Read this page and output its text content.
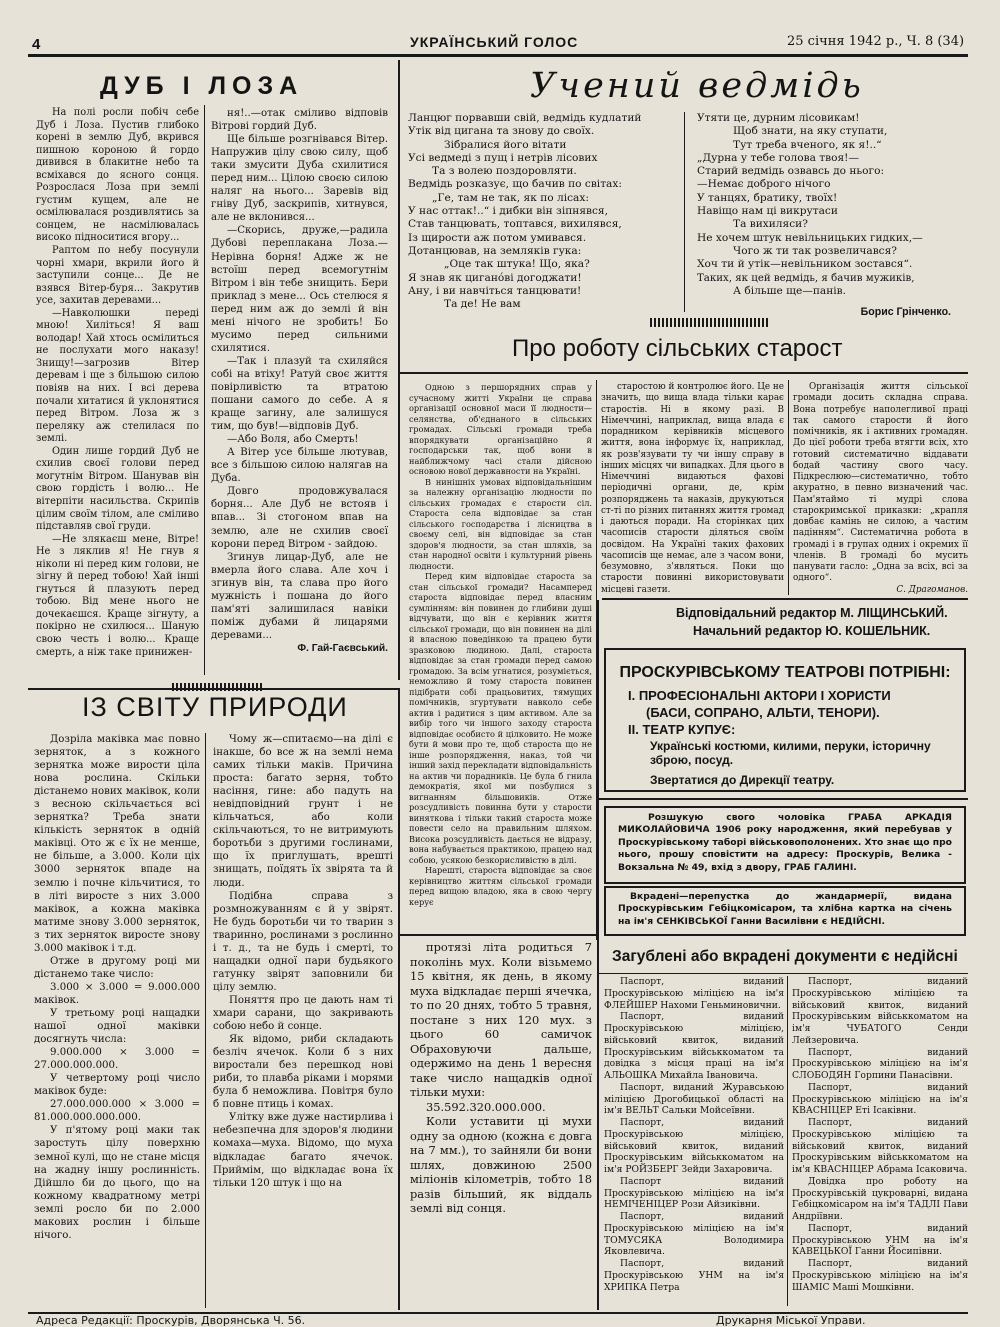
4	УКРАЇНСЬКИЙ ГОЛОС	25 січня 1942 р., Ч. 8 (34)
ДУБ І ЛОЗА

На полі росли побіч себе Дуб і Лоза. Пустив глибоко корені в землю Дуб, вкрився пишною короною й гордо дивився в блакитне небо та всміхався до ясного сонця. Розрослася Лоза при землі густим кущем, але не осмілювалася роздивлятись за сонцем, не насмілювалась високо підноситися вгору...

Раптом по небу посунули чорні хмари, вкрили його й заступили сонце... Де не взявся Вітер-буря... Закрутив усе, захитав деревами...

—Навколюшки переді мною! Хиліться! Я ваш володар! Хай хтось осмілиться не послухати мого наказу! Знищу!—загрозив Вітер деревам і ще з більшою силою повіяв на них. І всі дерева почали хитатися й уклонятися перед Вітром. Лоза ж з переляку аж стелилася по землі.

Один лише гордий Дуб не схилив своєї голови перед могутнім Вітром. Шанував він свою гордість і волю... Не вітерпіти насильства. Скрипів цілим своїм тілом, але сміливо підставляв свої груди.

—Не злякаєш мене, Вітре! Не з ляклив я! Не гнув я ніколи ні перед ким голови, не зігну й перед тобою! Хай інші гнуться й плазують перед тобою. Від мене нього не дочекаєшся. Краще зігнуту, а покірно не схилюся... Шаную свою честь і волю... Краще смерть, а ніж таке принижен-

ня!..—отак сміливо відповів Вітрові гордий Дуб.

Ще більше розгнівався Вітер. Напружив цілу свою силу, щоб таки змусити Дуба схилитися перед ним... Цілою своєю силою наляг на нього... Заревів від гніву Дуб, заскрипів, хитнувся, але не вклонився...

—Скорись, друже,—радила Дубові переплакана Лоза.—Нерівна борня! Адже ж не встоїш перед всемогутнім Вітром і він тебе знищить. Бери приклад з мене... Ось стелюся я перед ним аж до землі й він мені нічого не зробить! Бо мусимо перед сильними схилятися.

—Так і плазуй та схиляйся собі на втіху! Ратуй своє життя повірливістю та втратою пошани самого до себе. А я краще загину, але залишуся тим, що був!—відповів Дуб.

—Або Воля, або Смерть!

А Вітер усе більше лютував, все з більшою силою налягав на Дуба.

Довго продовжувалася борня... Але Дуб не встояв і впав... Зі стогоном впав на землю, але не схилив своєї корони перед Вітром - зайдою.

Згинув лицар-Дуб, але не вмерла його слава. Але хоч і згинув він, та слава про його мужність і пошана до його пам'яті залишилася навіки поміж дубами й лицарями деревами...

Ф. Гай-Гаєвський.
Учений ведмідь
Ланцюг порвавши свій, ведмідь кудлатий
Утік від цигана та знову до своїх.
Зібралися його вітати
Усі ведмеді з пущ і нетрів лісових
Та з волею поздоровляти.
Ведмідь розказує, що бачив по світах:
„Ге, там не так, як по лісах:
У нас оттак!..“ і дибки він зіпнявся,
Став танцювать, топтався, вихилявся,
Із щирости аж потом умивався.
Дотанцював, на земляків гука:
„Оце так штука! Що, яка?
Я знав як цигано́ві догоджати!
Ану, і ви навчіться танцювати!
Та де! Не вам
Утяти це, дурним лісовикам!
Щоб знати, на яку ступати,
Тут треба вченого, як я!..“
„Дурна у тебе голова твоя!—
Старий ведмідь озвавсь до нього:
—Немає доброго нічого
У танцях, братику, твоїх!
Навіщо нам ці викрутаси
Та вихиляси?
Не хочем штук невільницьких гидких,—
Чого ж ти так розвеличався?
Хоч ти й утік—невільником зостався“.
Таких, як цей ведмідь, я бачив мужиків,
А більше ще—панів.
Борис Грінченко.
Про роботу сільських старост

Одною з першорядних справ у сучасному житті України це справа організації основної маси її людности—селянства, об'єднаного в сільських громадах. Сільські громади треба впорядкувати організаційно й господарськи так, щоб вони в найближчому часі стали дійсною основою нової державности на Україні.

В нинішніх умовах відповідальнішим за належну організацію людности по сільських громадах є старости сіл. Староста села відповідає за стан сільського господарства і лісництва в своєму селі, він відповідає за стан здоров'я людности, за стан шляхів, за стан народної освіти і культурний рівень людности.

Перед ким відповідає староста за стан сільської громади? Насамперед староста відповідає перед власним сумлінням: він повинен до глибини душі відчувати, що він є керівник життя сільської громади, що він повинен на ділі й власною поведінкою та працею бути зразковою людиною. Далі, староста відповідає за стан громади перед самою громадою. За всім угнатися, розуміється, неможливо й тому староста повинен підібрати собі працьовитих, тямущих помічників, згуртувати навколо себе актив і радитися з цим активом. Але за вибір того чи іншого заходу староста відповідає особисто й цілковито. Не може бути й мови про те, щоб староста що не інше розпорядження, наказ, той чи інший захід перекладати відповідальність на актив чи порадників. Це була б гнила демократія, якої ми позбулися з вигнанням більшовиків. Отже розсудливість повинна бути у старости виняткова і тільки такий староста може повести село на правильним шляхом. Висока розсудливість дається не відразу, вона набувається практикою, працею над собою, усякою безкорисливістю в ділі.

Нарешті, староста відповідає за своє керівництво життям сільської громади перед вищою владою, яка в свою чергу керує

старостою й контролює його. Це не значить, що вища влада тільки карає старостів. Ні в якому разі. В Німеччині, наприклад, вища влада є порадником керівників місцевого життя, вона інформує їх, наприклад, як розв'язувати ту чи іншу справу в інших місцях чи випадках. Для цього в Німеччині видаються фахові періодичні органи, де, крім розпоряджень та наказів, друкуються ст-ті по різних питаннях життя громад і даються поради. На сторінках цих часописів старости діляться своїм досвідом. На Україні таких фахових часописів ще немає, але з часом вони, безумовно, з'являться. Поки що старости повинні використовувати місцеві газети.

Організація життя сільської громади досить складна справа. Вона потребує наполегливої праці так самого старости й його помічників, як і активних громадян. До цієї роботи треба втягти всіх, хто готовий систематично віддавати бодай частину свого часу. Підкреслюю—систематично, тобто акуратно, в певно визначений час. Пам'ятаймо ті мудрі слова старокримської приказки: „крапля довбає камінь не силою, а частим падінням“. Систематична робота в громаді і в групах одних і окремих її членів. В громаді бо мусить панувати гасло: „Одна за всіх, всі за одного“.

С. Драгоманов.
Відповідальний редактор М. ЛІЩИНСЬКИЙ.
Начальний редактор Ю. КОШЕЛЬНИК.
ПРОСКУРІВСЬКОМУ ТЕАТРОВІ ПОТРІБНІ:
І. ПРОФЕСІОНАЛЬНІ АКТОРИ І ХОРИСТИ
(БАСИ, СОПРАНО, АЛЬТИ, ТЕНОРИ).
ІІ. ТЕАТР КУПУЄ:
Українські костюми, килими, перуки, історичну зброю, посуд.
Звертатися до Дирекції театру.
Розшукую свого чоловіка ГРАБА АРКАДІЯ МИКОЛАЙОВИЧА 1906 року народження, який перебував у Проскурівському таборі військовополонених. Хто знає що про нього, прошу сповістити на адресу: Проскурів, Велика - Вокзальна № 49, вхід з двору, ГРАБ ГАЛИНІ.
Вкрадені—перепустка до жандармерії, видана Проскурівським Гебіцкомісаром, та хлібна картка на січень на ім'я СЕНКІВСЬКОЇ Ганни Василівни є НЕДІЙСНІ.
Загублені або вкрадені документи є недійсні

Паспорт, виданий Проскурівською міліцією на ім'я ФЛЕЙШЕР Нахоми Геньминовични.

Паспорт, виданий Проскурівською міліцією, військовий квиток, виданий Проскурівським військкоматом та довідка з місця праці на ім'я АЛЬОШКА Михайла Івановича.

Паспорт, виданий Журавською міліцією Дрогобицької області на ім'я ВЕЛЬТ Сальки Мойсеївни.

Паспорт, виданий Проскурівською міліцією, військовий квиток, виданий Проскурівським військкоматом на ім'я РОЙЗБЕРГ Зейди Захаровича.

Паспорт виданий Проскурівською міліцією на ім'я НЕМІЧЕНІЦЕР Рози Айзиківни.

Паспорт, виданий Проскурівською міліцією на ім'я ТОМУСЯКА Володимира Яковлевича.

Паспорт, виданий Проскурівською УНМ на ім'я ХРИПКА Петра

Паспорт, виданий Проскурівською міліцією та військовий квиток, виданий Проскурівським військкоматом на ім'я ЧУБАТОГО Сенди Лейзеровича.

Паспорт, виданий Проскурівською міліцією на ім'я СЛОБОДЯН Горпини Панасівни.

Паспорт, виданий Проскурівською міліцією на ім'я КВАСНІЦЕР Еті Ісаківни.

Паспорт, виданий Проскурівською міліцією та військовий квиток, виданий Проскурівським військкоматом на ім'я КВАСНІЦЕР Абрама Ісаковича.

Довідка про роботу на Проскурівській цукроварні, видана Гебіцкомісаром на ім'я ТАДЛІ Пави Андріївни.

Паспорт, виданий Проскурівською УНМ на ім'я КАВЕЦЬКОЇ Ганни Йосипівни.

Паспорт, виданий Проскурівською міліцією на ім'я ШАМІС Маші Мошківни.

ІЗ СВІТУ ПРИРОДИ

Дозріла маківка має повно зерняток, а з кожного зернятка може вирости ціла нова рослина. Скільки дістанемо нових маківок, коли з весною скільчається всі зернятка? Треба знати кількість зерняток в одній маківці. Ото ж є їх не менше, не більше, а 3.000. Коли ціх 3000 зерняток впаде на землю і почне кільчитися, то в літі виросте з них 3.000 маківок, а кожна маківка матиме знову 3.000 зерняток, з тих зерняток виросте знову 3.000 маківок і т.д.

Отже в другому році ми дістанемо таке число:

3.000 ⨯ 3.000 = 9.000.000 маківок.

У третьому році нащадки нашої одної маківки досягнуть числа:

9.000.000 ⨯ 3.000 = 27.000.000.000.

У четвертому році число маківок буде:

27.000.000.000 ⨯ 3.000 = 81.000.000.000.000.

У п'ятому році маки так заростуть цілу поверхню земної кулі, що не стане місця на жадну іншу рослинність. Дійшло би до цього, що на кожному квадратному метрі землі росло би по 2.000 макових рослин і більше нічого.

Чому ж—спитаємо—на ділі є інакше, бо все ж на землі нема самих тільки маків. Причина проста: багато зерня, тобто насіння, гине: або падуть на невідповідний грунт і не кільчаться, або коли скільчаються, то не витримують боротьби з другими гослинами, що їх приглушать, врешті знищать, поїдять їх звірята та й люди.

Подібна справа з розмножуванням є й у звірят. Не будь боротьби чи то тварин з тваринно, рослинами з рослинно і т. д., та не будь і смерті, то нащадки одної пари будьякого гатунку звірят заповнили би цілу землю.

Поняття про це дають нам ті хмари сарани, що закривають собою небо й сонце.

Як відомо, риби складають безліч ячечок. Коли б з них виростали без перешкод нові риби, то плавба ріками і морями була б неможлива. Повітря було б повне птиць і комах.

Улітку вже дуже настирлива і небезпечна для здоров'я людини комаха—муха. Відомо, що муха відкладає багато ячечок. Приймім, що відкладає вона їх тільки 120 штук і що на

протязі літа родиться 7 поколінь мух. Коли візьмемо 15 квітня, як день, в якому муха відкладає перші ячечка, то по 20 днях, тобто 5 травня, постане з них 120 мух. з цього 60 самичок Обраховуючи дальше, одержимо на день 1 вересня таке число нащадків одної тільки мухи:

35.592.320.000.000.

Коли уставити ці мухи одну за одною (кожна є довга на 7 мм.), то зайняли би вони шлях, довжиною 2500 міліонів кілометрів, тобто 18 разів більший, як віддаль землі від сонця.

Адреса Редакції: Проскурів, Дворянська Ч. 56.	Друкарня Міської Управи.
